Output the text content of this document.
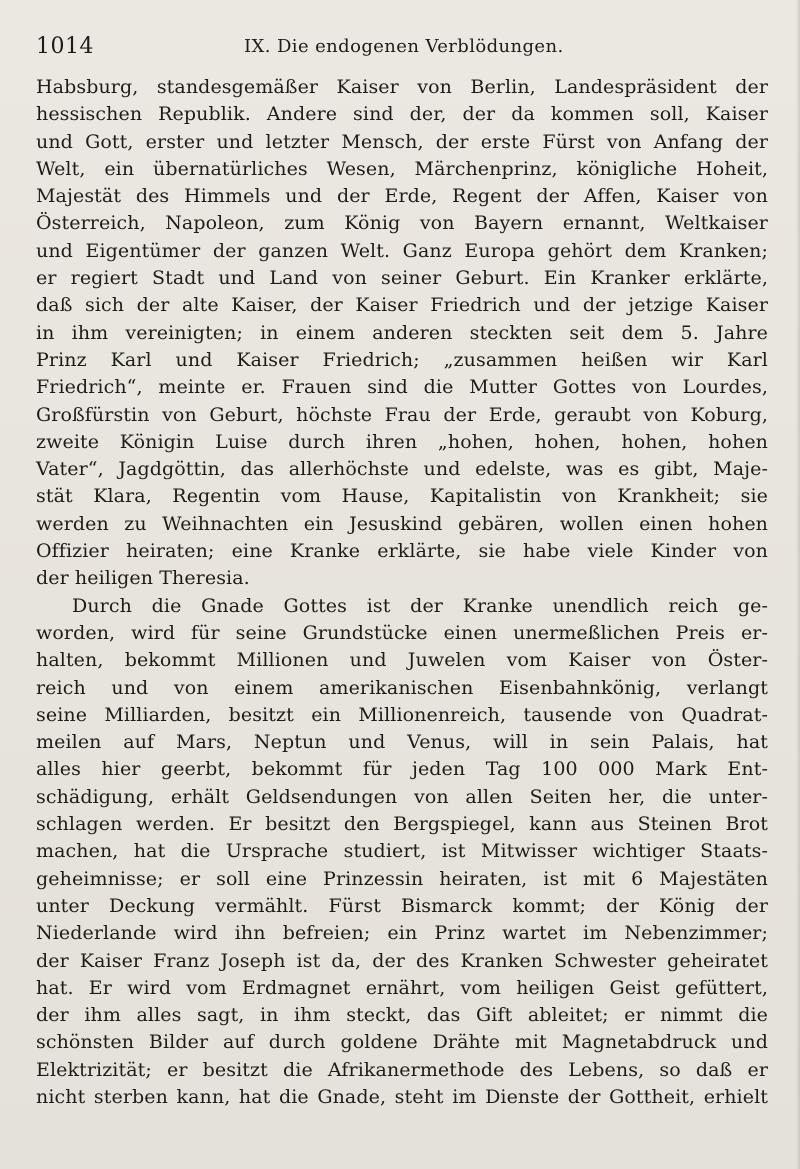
1014	IX. Die endogenen Verblödungen.
Habsburg, standesgemäßer Kaiser von Berlin, Landespräsident der
hessischen Republik. Andere sind der, der da kommen soll, Kaiser
und Gott, erster und letzter Mensch, der erste Fürst von Anfang der
Welt, ein übernatürliches Wesen, Märchenprinz, königliche Hoheit,
Majestät des Himmels und der Erde, Regent der Affen, Kaiser von
Österreich, Napoleon, zum König von Bayern ernannt, Weltkaiser
und Eigentümer der ganzen Welt. Ganz Europa gehört dem Kranken;
er regiert Stadt und Land von seiner Geburt. Ein Kranker erklärte,
daß sich der alte Kaiser, der Kaiser Friedrich und der jetzige Kaiser
in ihm vereinigten; in einem anderen steckten seit dem 5. Jahre
Prinz Karl und Kaiser Friedrich; „zusammen heißen wir Karl
Friedrich“, meinte er. Frauen sind die Mutter Gottes von Lourdes,
Großfürstin von Geburt, höchste Frau der Erde, geraubt von Koburg,
zweite Königin Luise durch ihren „hohen, hohen, hohen, hohen
Vater“, Jagdgöttin, das allerhöchste und edelste, was es gibt, Maje-
stät Klara, Regentin vom Hause, Kapitalistin von Krankheit; sie
werden zu Weihnachten ein Jesuskind gebären, wollen einen hohen
Offizier heiraten; eine Kranke erklärte, sie habe viele Kinder von
der heiligen Theresia.
Durch die Gnade Gottes ist der Kranke unendlich reich ge-
worden, wird für seine Grundstücke einen unermeßlichen Preis er-
halten, bekommt Millionen und Juwelen vom Kaiser von Öster-
reich und von einem amerikanischen Eisenbahnkönig, verlangt
seine Milliarden, besitzt ein Millionenreich, tausende von Quadrat-
meilen auf Mars, Neptun und Venus, will in sein Palais, hat
alles hier geerbt, bekommt für jeden Tag 100 000 Mark Ent-
schädigung, erhält Geldsendungen von allen Seiten her, die unter-
schlagen werden. Er besitzt den Bergspiegel, kann aus Steinen Brot
machen, hat die Ursprache studiert, ist Mitwisser wichtiger Staats-
geheimnisse; er soll eine Prinzessin heiraten, ist mit 6 Majestäten
unter Deckung vermählt. Fürst Bismarck kommt; der König der
Niederlande wird ihn befreien; ein Prinz wartet im Nebenzimmer;
der Kaiser Franz Joseph ist da, der des Kranken Schwester geheiratet
hat. Er wird vom Erdmagnet ernährt, vom heiligen Geist gefüttert,
der ihm alles sagt, in ihm steckt, das Gift ableitet; er nimmt die
schönsten Bilder auf durch goldene Drähte mit Magnetabdruck und
Elektrizität; er besitzt die Afrikanermethode des Lebens, so daß er
nicht sterben kann, hat die Gnade, steht im Dienste der Gottheit, erhielt
